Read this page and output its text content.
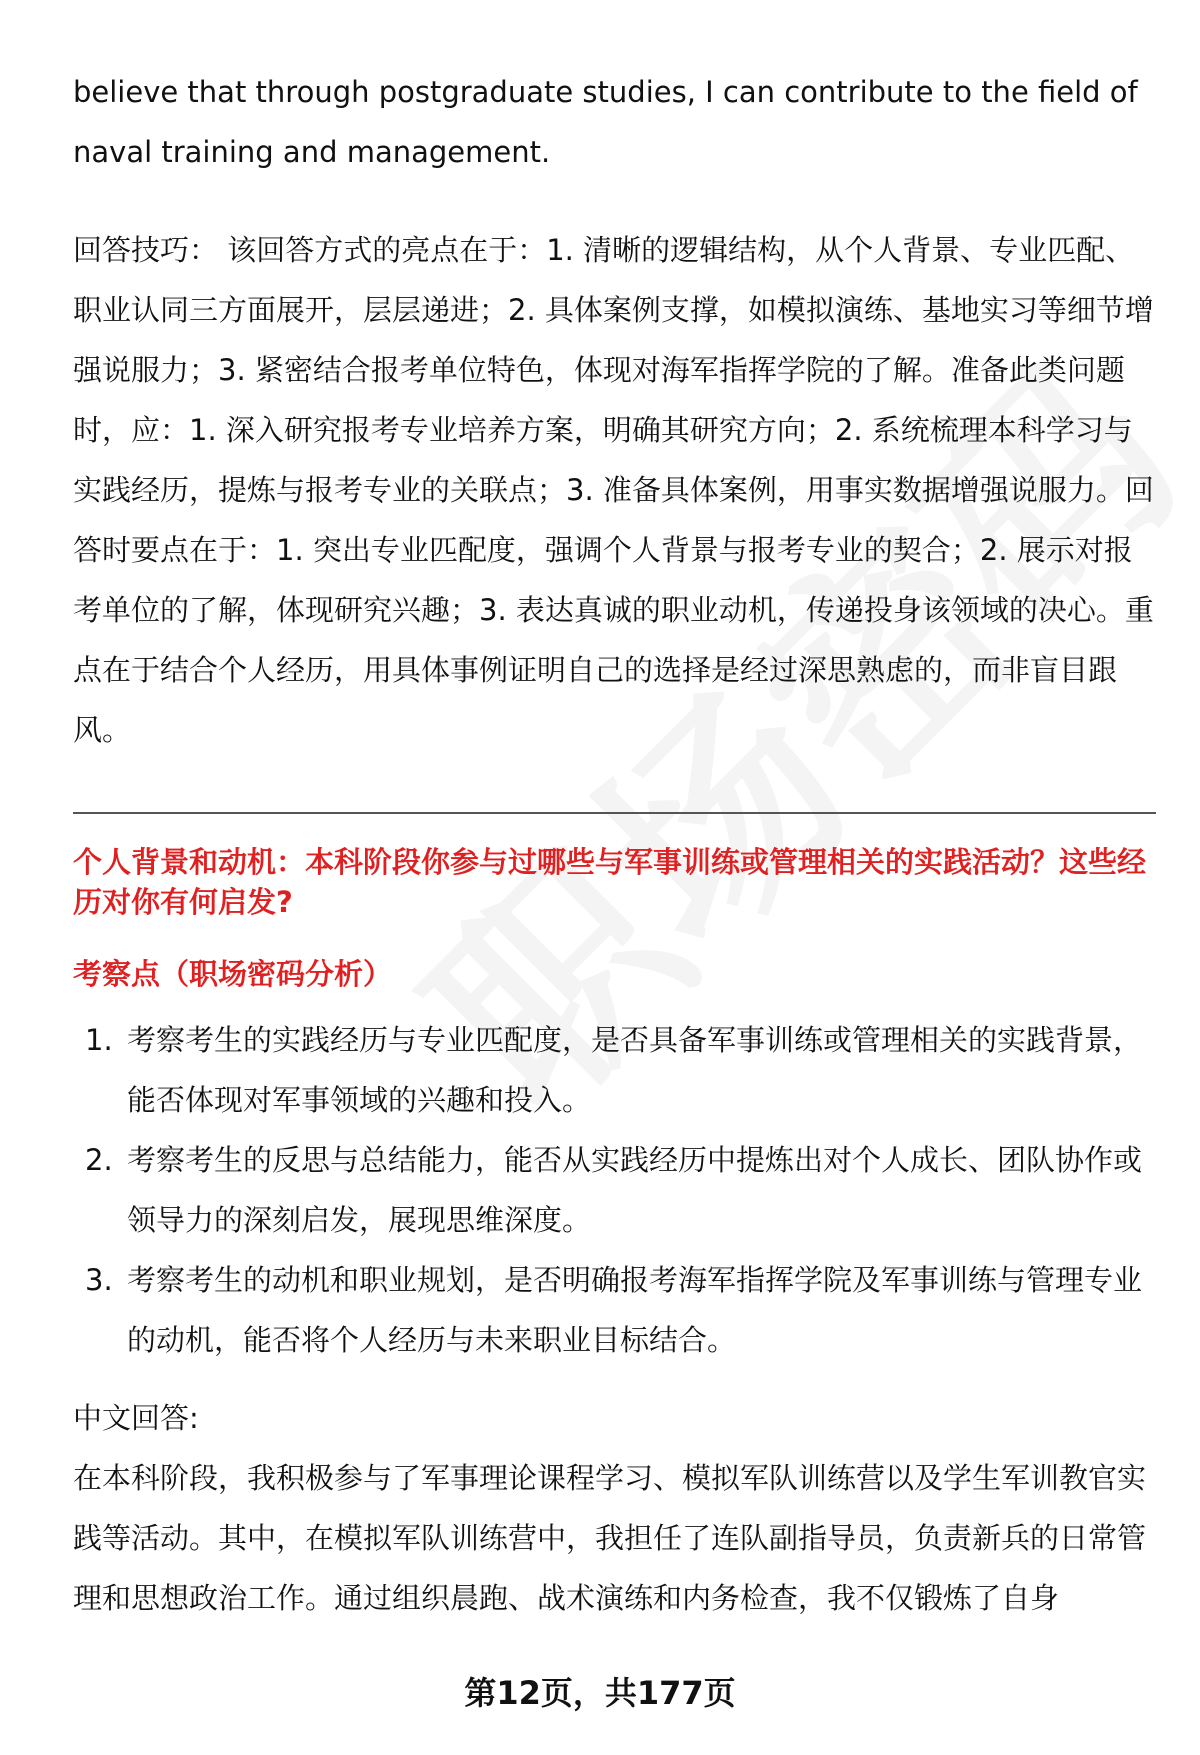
believe that through postgraduate studies, I can contribute to the field of

naval training and management.

回答技巧： 该回答方式的亮点在于：1. 清晰的逻辑结构，从个人背景、专业匹配、职业认同三方面展开，层层递进；2. 具体案例支撑，如模拟演练、基地实习等细节增强说服力；3. 紧密结合报考单位特色，体现对海军指挥学院的了解。准备此类问题时，应：1. 深入研究报考专业培养方案，明确其研究方向；2. 系统梳理本科学习与实践经历，提炼与报考专业的关联点；3. 准备具体案例，用事实数据增强说服力。回答时要点在于：1. 突出专业匹配度，强调个人背景与报考专业的契合；2. 展示对报考单位的了解，体现研究兴趣；3. 表达真诚的职业动机，传递投身该领域的决心。重点在于结合个人经历，用具体事例证明自己的选择是经过深思熟虑的，而非盲目跟风。

个人背景和动机：本科阶段你参与过哪些与军事训练或管理相关的实践活动？这些经历对你有何启发?

考察点（职场密码分析）

1. 考察考生的实践经历与专业匹配度，是否具备军事训练或管理相关的实践背景，能否体现对军事领域的兴趣和投入。
2. 考察考生的反思与总结能力，能否从实践经历中提炼出对个人成长、团队协作或领导力的深刻启发，展现思维深度。
3. 考察考生的动机和职业规划，是否明确报考海军指挥学院及军事训练与管理专业的动机，能否将个人经历与未来职业目标结合。

中文回答:

在本科阶段，我积极参与了军事理论课程学习、模拟军队训练营以及学生军训教官实践等活动。其中，在模拟军队训练营中，我担任了连队副指导员，负责新兵的日常管理和思想政治工作。通过组织晨跑、战术演练和内务检查，我不仅锻炼了自身

第12页，共177页
